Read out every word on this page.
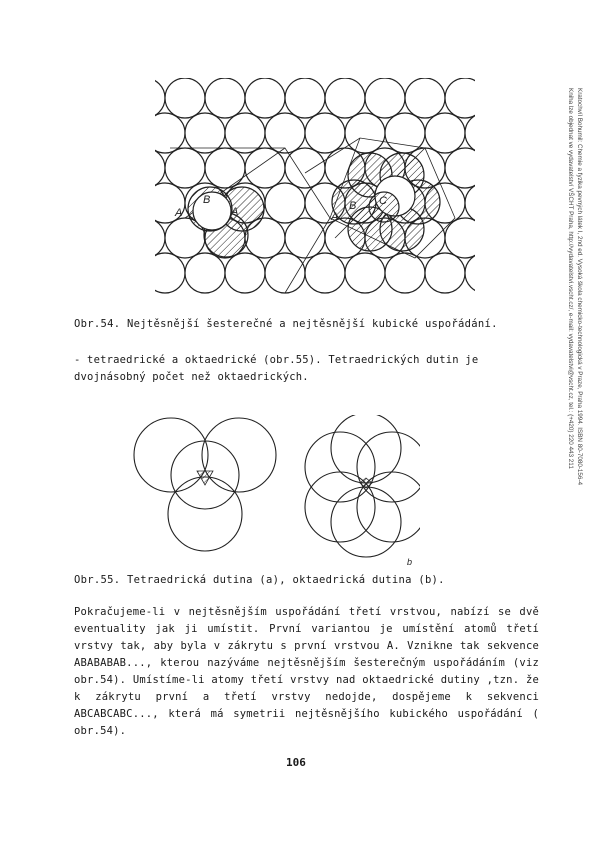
A
B
A	A
B C
Obr.54. Nejtěsnější šesterečné a nejtěsnější kubické uspořádání.
- tetraedrické a oktaedrické (obr.55). Tetraedrických dutin je dvojnásobný počet než oktaedrických.
b
Obr.55. Tetraedrická dutina (a), oktaedrická dutina (b).
Pokračujeme-li v nejtěsnějším uspořádání třetí vrstvou, nabízí se dvě eventuality jak ji umístit. První variantou je umístění atomů třetí vrstvy tak, aby byla v zákrytu s první vrstvou A. Vznikne tak sekvence ABABABAB..., kterou nazýváme nejtěsnějším šesterečným uspořádáním (viz obr.54). Umístíme-li atomy třetí vrstvy nad oktaedrické dutiny ,tzn. že k zákrytu první a třetí vrstvy nedojde, dospějeme k sekvenci ABCABCABC..., která má symetrii nejtěsnějšího kubického uspořádání ( obr.54).
106
Kratochvíl Bohumil: Chemie a fyzika pevných látek I, 2nd ed. Vysoká škola chemicko-technologická v Praze, Praha 1994. ISBN 80-7080-156-4
Kniha lze objednat ve vydavatelství VŠCHT Praha, http://vydavatelstvi.vscht.cz/, e-mail: vydavatelstvi@vscht.cz, tel.: (+420) 220 443 211
